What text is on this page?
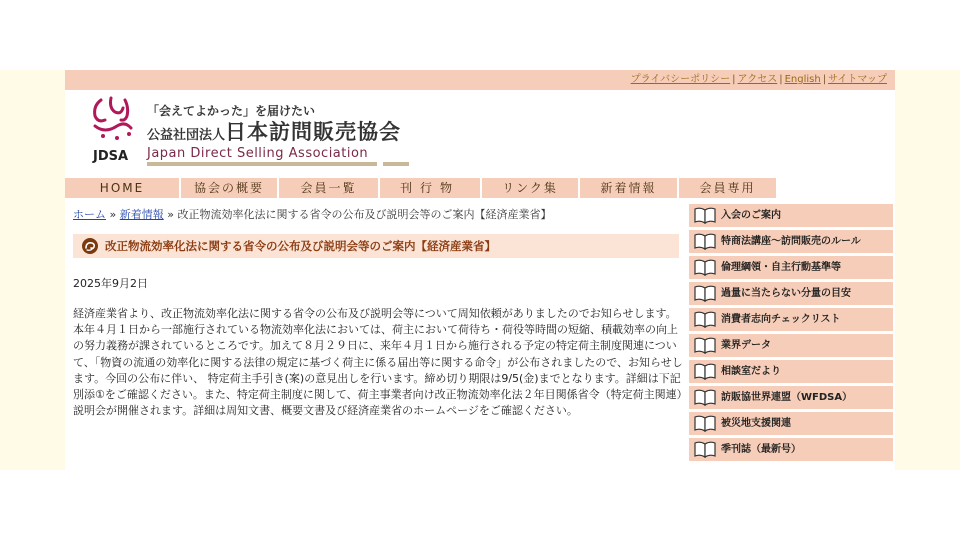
プライバシーポリシー | アクセス | English | サイトマップ
JDSA
「会えてよかった」を届けたい
公益社団法人日本訪問販売協会
Japan Direct Selling Association
HOME	協会の概要	会員一覧	刊行物	リンク集	新着情報	会員専用
ホーム » 新着情報 » 改正物流効率化法に関する省令の公布及び説明会等のご案内【経済産業省】
改正物流効率化法に関する省令の公布及び説明会等のご案内【経済産業省】
2025年9月2日

経済産業省より、改正物流効率化法に関する省令の公布及び説明会等について周知依頼がありましたのでお知らせします。

本年４月１日から一部施行されている物流効率化法においては、荷主において荷待ち・荷役等時間の短縮、積載効率の向上の努力義務が課されているところです。加えて８月２９日に、来年４月１日から施行される予定の特定荷主制度関連について、「物資の流通の効率化に関する法律の規定に基づく荷主に係る届出等に関する命令」が公布されましたので、お知らせします。今回の公布に伴い、 特定荷主手引き(案)の意見出しを行います。締め切り期限は9/5(金)までとなります。詳細は下記別添①をご確認ください。また、特定荷主制度に関して、荷主事業者向け改正物流効率化法２年目関係省令（特定荷主関連）説明会が開催されます。詳細は周知文書、概要文書及び経済産業省のホームページをご確認ください。

入会のご案内
特商法講座〜訪問販売のルール
倫理綱領・自主行動基準等
過量に当たらない分量の目安
消費者志向チェックリスト
業界データ
相談室だより
訪販協世界連盟（WFDSA）
被災地支援関連
季刊誌（最新号）
